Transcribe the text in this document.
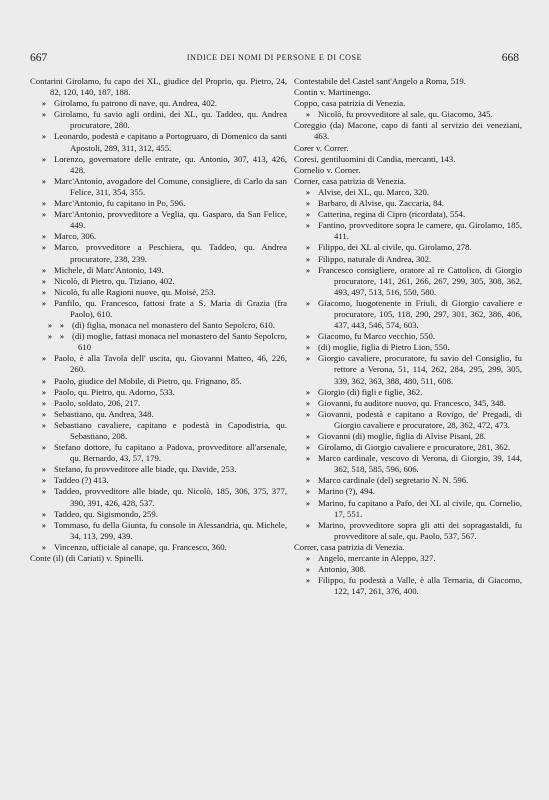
667	INDICE DEI NOMI DI PERSONE E DI COSE	668
Contarini Girolamo, fu capo dei XL, giudice del Proprio, qu. Pietro, 24, 82, 120, 140, 187, 188.
» Girolamo, fu patrono di nave, qu. Andrea, 402.
» Girolamo, fu savio agli ordini, dei XL, qu. Taddeo, qu. Andrea procuratore, 280.
» Leonardo, podestà e capitano a Portogruaro, di Domenico da santi Apostoli, 289, 311, 312, 455.
» Lorenzo, governatore delle entrate, qu. Antonio, 307, 413, 426, 428.
» Marc'Antonio, avogadore del Comune, consigliere, di Carlo da san Felice, 311, 354, 355.
» Marc'Antonio, fu capitano in Po, 596.
» Marc'Antonio, provveditore a Veglia, qu. Gasparo, da San Felice, 449.
» Marco, 306.
» Marco, provveditore a Peschiera, qu. Taddeo, qu. Andrea procuratore, 238, 239.
» Michele, di Marc'Antonio, 149.
» Nicolò, di Pietro, qu. Tiziano, 402.
» Nicolò, fu alle Ragioni nuove, qu. Moisè, 253.
» Panfilo, qu. Francesco, fattosi frate a S. Maria di Grazia (fra Paolo), 610.
» » (di) figlia, monaca nel monastero del Santo Sepolcro, 610.
» » (di) moglie, fattasi monaca nel monastero del Santo Sepolcro, 610
» Paolo, è alla Tavola dell' uscita, qu. Giovanni Matteo, 46, 226, 260.
» Paolo, giudice del Mobile, di Pietro, qu. Frignano, 85.
» Paolo, qu. Pietro, qu. Adorno, 533.
» Paolo, soldato, 206, 217.
» Sebastiano, qu. Andrea, 348.
» Sebastiano cavaliere, capitano e podestà in Capodistria, qu. Sebastiano, 208.
» Stefano dottore, fu capitano a Padova, provveditore all'arsenale, qu. Bernardo, 43, 57, 179.
» Stefano, fu provveditore alle biade, qu. Davide, 253.
» Taddeo (?) 413.
» Taddeo, provveditore alle biade, qu. Nicolò, 185, 306, 375, 377, 390, 391, 426, 428, 537.
» Taddeo, qu. Sigismondo, 259.
» Tommaso, fu della Giunta, fu console in Alessandria, qu. Michele, 34, 113, 299, 439.
» Vincenzo, ufficiale al canape, qu. Francesco, 360.
Conte (il) (di Cariati) v. Spinelli.
Contestabile del Castel sant'Angelo a Roma, 519.
Contin v. Martinengo.
Coppo, casa patrizia di Venezia.
» Nicolò, fu provveditore al sale, qu. Giacomo, 345.
Coreggio (da) Macone, capo di fanti al servizio dei veneziani, 463.
Corer v. Correr.
Coresi, gentiluomini di Candia, mercanti, 143.
Cornelio v. Corner.
Corner, casa patrizia di Venezia.
» Alvise, dei XL, qu. Marco, 320.
» Barbaro, di Alvise, qu. Zaccaria, 84.
» Catterina, regina di Cipro (ricordata), 554.
» Fantino, provveditore sopra le camere, qu. Girolamo, 185, 411.
» Filippo, dei XL al civile, qu. Girolamo, 278.
» Filippo, naturale di Andrea, 302.
» Francesco consigliere, oratore al re Cattolico, di Giorgio procuratore, 141, 261, 266, 267, 299, 305, 308, 362, 493, 497, 513, 516, 550, 580.
» Giacomo, luogotenente in Friuli, di Giorgio cavaliere e procuratore, 105, 118, 290, 297, 301, 362, 386, 406, 437, 443, 546, 574, 603.
» Giacomo, fu Marco vecchio, 550.
» (di) moglie, figlia di Pietro Lion, 550.
» Giorgio cavaliere, procuratore, fu savio del Consiglio, fu rettore a Verona, 51, 114, 262, 284, 295, 299, 305, 339, 362, 363, 388, 480, 511, 608.
» Giorgio (di) figli e figlie, 362.
» Giovanni, fu auditore nuovo, qu. Francesco, 345, 348.
» Giovanni, podestà e capitano a Rovigo, de' Pregadi, di Giorgio cavaliere e procuratore, 28, 362, 472, 473.
» Giovanni (di) moglie, figlia di Alvise Pisani, 28.
» Girolamo, di Giorgio cavaliere e procuratore, 281, 362.
» Marco cardinale, vescovo di Verona, di Giorgio, 39, 144, 362, 518, 585, 596, 606.
» Marco cardinale (del) segretario N. N. 596.
» Marino (?), 494.
» Marino, fu capitano a Pafo, dei XL al civile, qu. Cornelio, 17, 551.
» Marino, provveditore sopra gli atti dei sopragastaldi, fu provveditore al sale, qu. Paolo, 537, 567.
Correr, casa patrizia di Venezia.
» Angelo, mercante in Aleppo, 327.
» Antonio, 308.
» Filippo, fu podestà a Valle, è alla Ternaria, di Giacomo, 122, 147, 261, 376, 400.
